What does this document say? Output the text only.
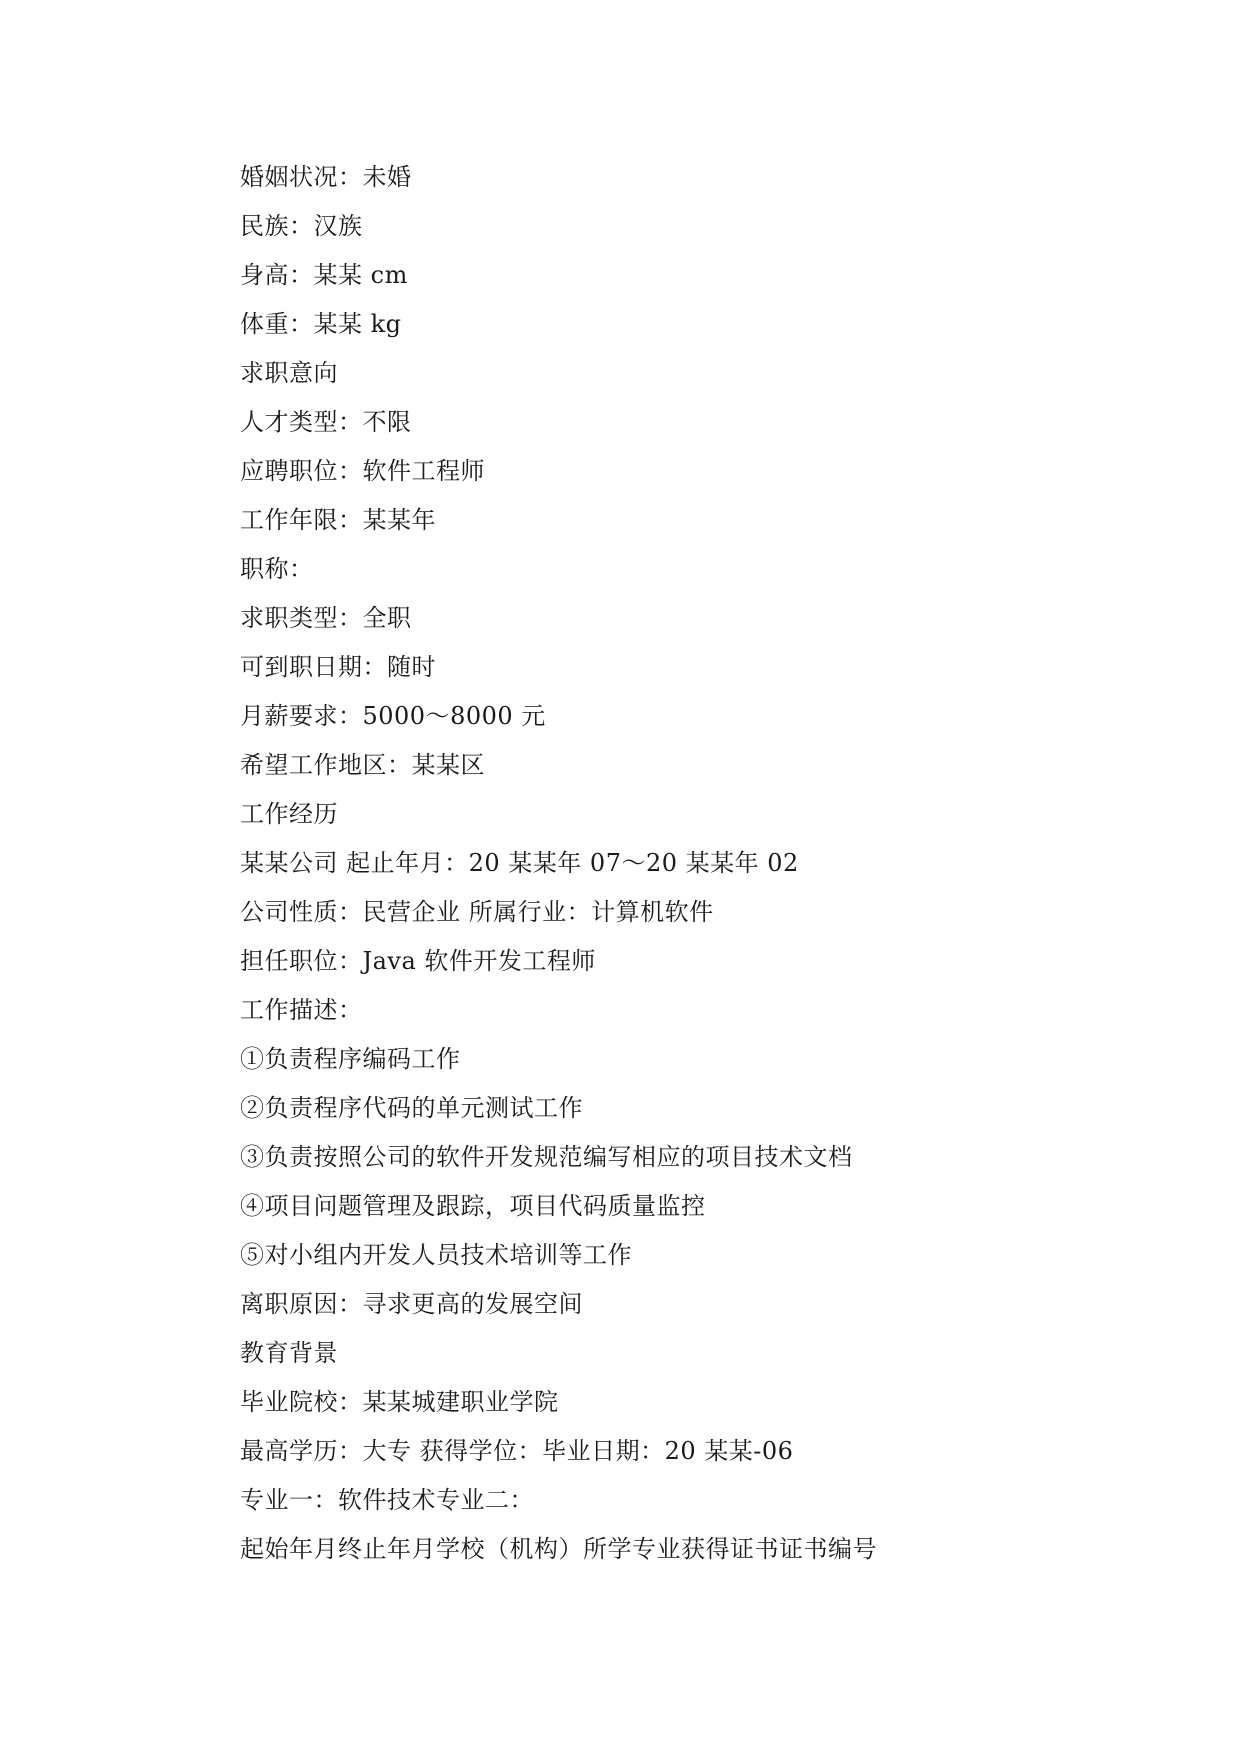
婚姻状况：未婚
民族：汉族
身高：某某 cm
体重：某某 kg
求职意向
人才类型：不限
应聘职位：软件工程师
工作年限：某某年
职称：
求职类型：全职
可到职日期：随时
月薪要求：5000～8000 元
希望工作地区：某某区
工作经历
某某公司 起止年月：20 某某年 07～20 某某年 02
公司性质：民营企业 所属行业：计算机软件
担任职位：Java 软件开发工程师
工作描述：
①负责程序编码工作
②负责程序代码的单元测试工作
③负责按照公司的软件开发规范编写相应的项目技术文档
④项目问题管理及跟踪，项目代码质量监控
⑤对小组内开发人员技术培训等工作
离职原因：寻求更高的发展空间
教育背景
毕业院校：某某城建职业学院
最高学历：大专 获得学位：毕业日期：20 某某-06
专业一：软件技术专业二：
起始年月终止年月学校（机构）所学专业获得证书证书编号
